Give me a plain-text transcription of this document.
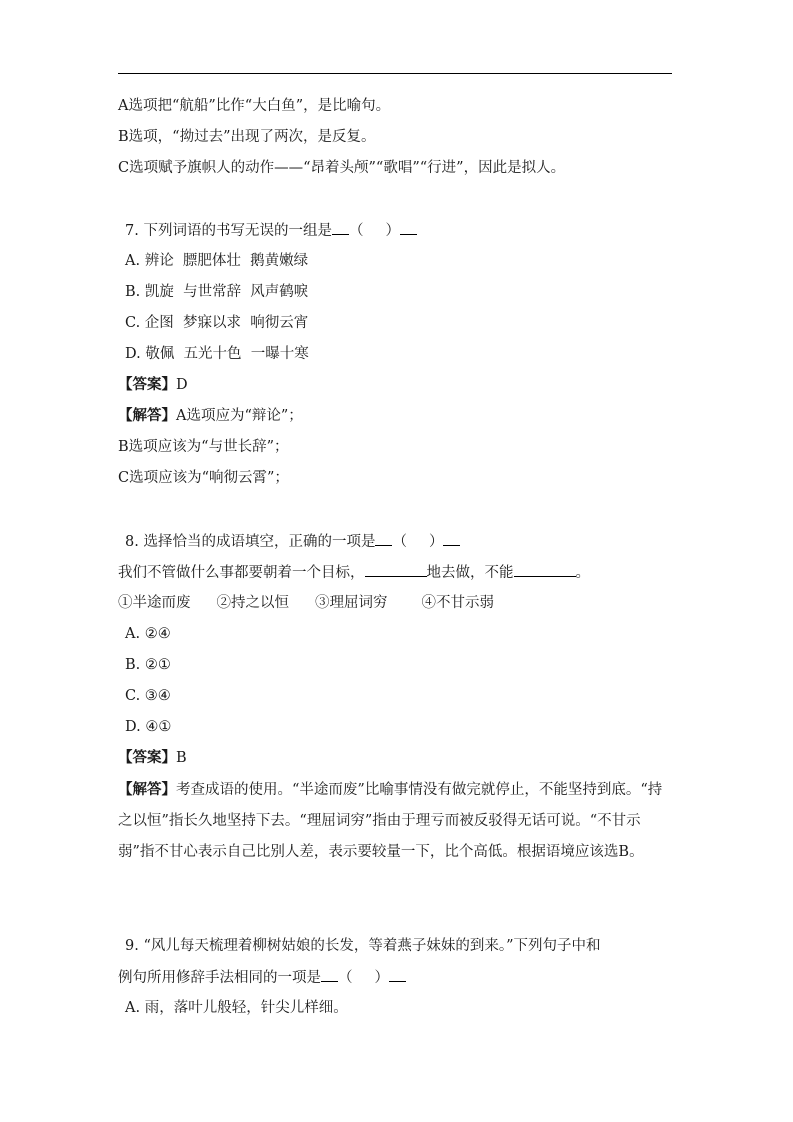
A选项把“航船”比作“大白鱼”，是比喻句。
B选项，“拗过去”出现了两次，是反复。
C选项赋予旗帜人的动作——“昂着头颅”“歌唱”“行进”，因此是拟人。
7. 下列词语的书写无误的一组是 （ ）
A. 辨论  膘肥体壮  鹅黄嫩绿
B. 凯旋  与世常辞  风声鹤唳
C. 企图  梦寐以求  响彻云宵
D. 敬佩  五光十色  一曝十寒
【答案】D
【解答】A选项应为“辩论”；
B选项应该为“与世长辞”；
C选项应该为“响彻云霄”；
8. 选择恰当的成语填空，正确的一项是 （ ）
我们不管做什么事都要朝着一个目标，	地去做，不能	。
①半途而废 ②持之以恒 ③理屈词穷 ④不甘示弱
A. ②④
B. ②①
C. ③④
D. ④①
【答案】B
【解答】考查成语的使用。“半途而废”比喻事情没有做完就停止，不能坚持到底。“持之以恒”指长久地坚持下去。“理屈词穷”指由于理亏而被反驳得无话可说。“不甘示弱”指不甘心表示自己比别人差，表示要较量一下，比个高低。根据语境应该选B。
9. “风儿每天梳理着柳树姑娘的长发，等着燕子妹妹的到来。”下列句子中和
例句所用修辞手法相同的一项是 （ ）
A. 雨，落叶儿般轻，针尖儿样细。
